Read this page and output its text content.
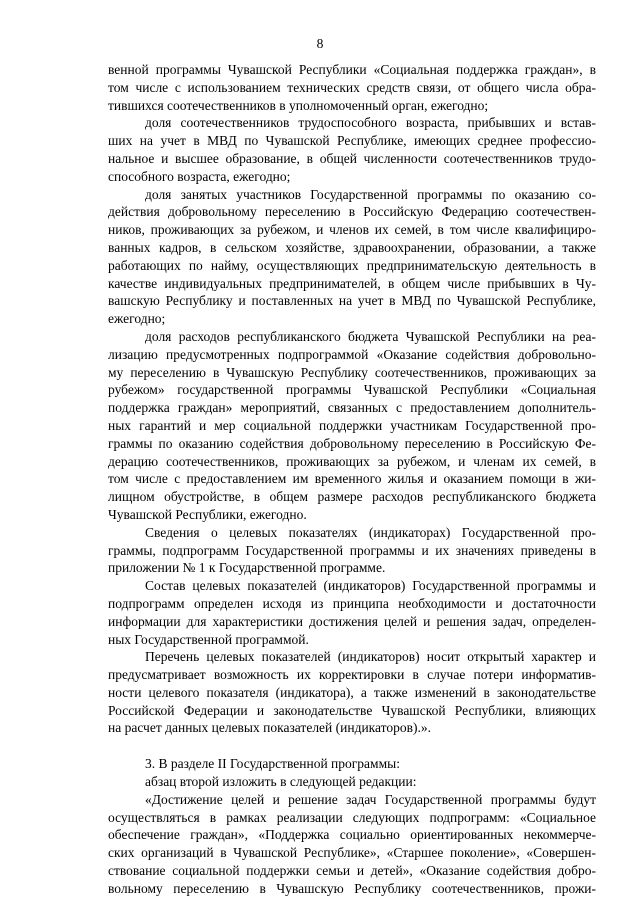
8
венной программы Чувашской Республики «Социальная поддержка граждан», в
том числе с использованием технических средств связи, от общего числа обра-
тившихся соотечественников в уполномоченный орган, ежегодно;
доля соотечественников трудоспособного возраста, прибывших и встав-
ших на учет в МВД по Чувашской Республике, имеющих среднее профессио-
нальное и высшее образование, в общей численности соотечественников трудо-
способного возраста, ежегодно;
доля занятых участников Государственной программы по оказанию со-
действия добровольному переселению в Российскую Федерацию соотечествен-
ников, проживающих за рубежом, и членов их семей, в том числе квалифициро-
ванных кадров, в сельском хозяйстве, здравоохранении, образовании, а также
работающих по найму, осуществляющих предпринимательскую деятельность в
качестве индивидуальных предпринимателей, в общем числе прибывших в Чу-
вашскую Республику и поставленных на учет в МВД по Чувашской Республике,
ежегодно;
доля расходов республиканского бюджета Чувашской Республики на реа-
лизацию предусмотренных подпрограммой «Оказание содействия добровольно-
му переселению в Чувашскую Республику соотечественников, проживающих за
рубежом» государственной программы Чувашской Республики «Социальная
поддержка граждан» мероприятий, связанных с предоставлением дополнитель-
ных гарантий и мер социальной поддержки участникам Государственной про-
граммы по оказанию содействия добровольному переселению в Российскую Фе-
дерацию соотечественников, проживающих за рубежом, и членам их семей, в
том числе с предоставлением им временного жилья и оказанием помощи в жи-
лищном обустройстве, в общем размере расходов республиканского бюджета
Чувашской Республики, ежегодно.
Сведения о целевых показателях (индикаторах) Государственной про-
граммы, подпрограмм Государственной программы и их значениях приведены в
приложении № 1 к Государственной программе.
Состав целевых показателей (индикаторов) Государственной программы и
подпрограмм определен исходя из принципа необходимости и достаточности
информации для характеристики достижения целей и решения задач, определен-
ных Государственной программой.
Перечень целевых показателей (индикаторов) носит открытый характер и
предусматривает возможность их корректировки в случае потери информатив-
ности целевого показателя (индикатора), а также изменений в законодательстве
Российской Федерации и законодательстве Чувашской Республики, влияющих
на расчет данных целевых показателей (индикаторов).».
3. В разделе II Государственной программы:
абзац второй изложить в следующей редакции:
«Достижение целей и решение задач Государственной программы будут
осуществляться в рамках реализации следующих подпрограмм: «Социальное
обеспечение граждан», «Поддержка социально ориентированных некоммерче-
ских организаций в Чувашской Республике», «Старшее поколение», «Совершен-
ствование социальной поддержки семьи и детей», «Оказание содействия добро-
вольному переселению в Чувашскую Республику соотечественников, прожи-
